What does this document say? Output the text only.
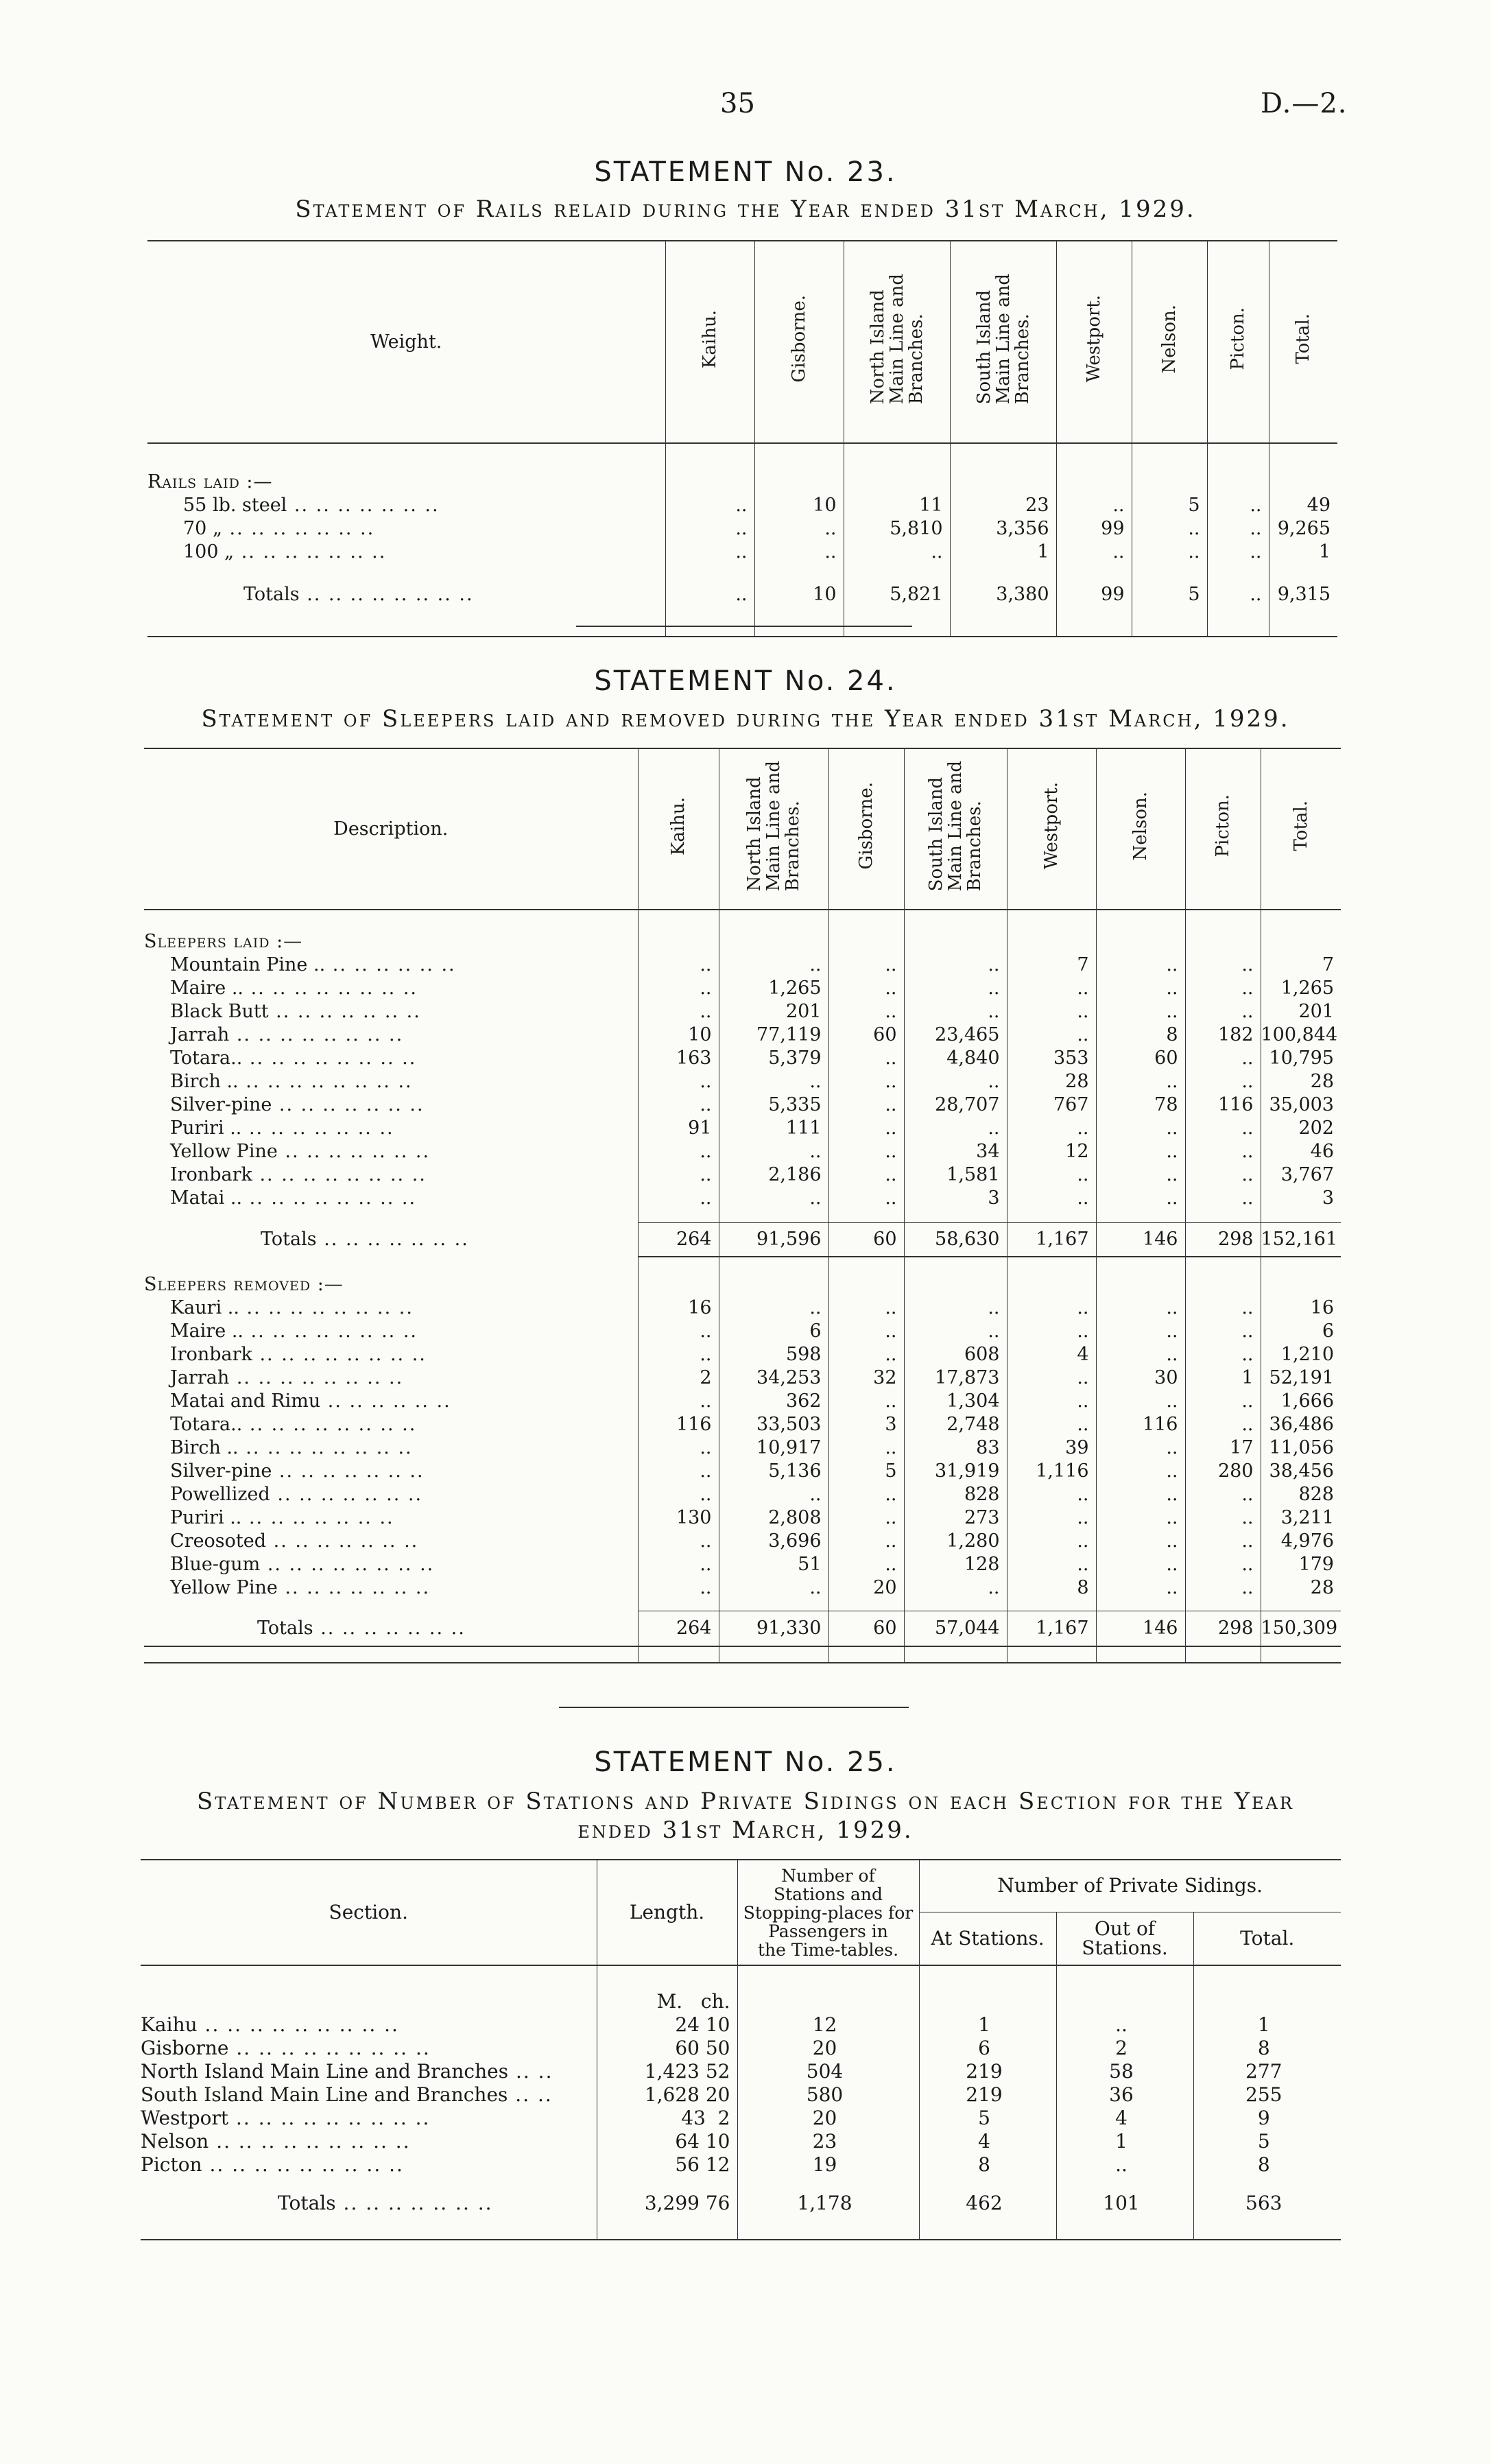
35	D.—2.
STATEMENT No. 23.
Statement of Rails relaid during the Year ended 31st March, 1929.
Weight.	Kaihu.	Gisborne.	North Island
Main Line and
Branches.	South Island
Main Line and
Branches.	Westport.	Nelson.	Picton.	Total.

Rails laid :—								
55 lb. steel .. .. .. .. .. .. ..	..	10	11	23	..	5	..	49
70 „ .. .. .. .. .. .. ..	..	..	5,810	3,356	99	..	..	9,265
100 „ .. .. .. .. .. .. ..	..	..	..	1	..	..	..	1

Totals .. .. .. .. .. .. .. ..	..	10	5,821	3,380	99	5	..	9,315

STATEMENT No. 24.
Statement of Sleepers laid and removed during the Year ended 31st March, 1929.
Description.	Kaihu.	North Island
Main Line and
Branches.	Gisborne.	South Island
Main Line and
Branches.	Westport.	Nelson.	Picton.	Total.

Sleepers laid :—								
Mountain Pine .. .. .. .. .. .. ..	..	..	..	..	7	..	..	7
Maire .. .. .. .. .. .. .. .. ..	..	1,265	..	..	..	..	..	1,265
Black Butt .. .. .. .. .. .. ..	..	201	..	..	..	..	..	201
Jarrah .. .. .. .. .. .. .. ..	10	77,119	60	23,465	..	8	182	100,844
Totara.. .. .. .. .. .. .. .. ..	163	5,379	..	4,840	353	60	..	10,795
Birch .. .. .. .. .. .. .. .. ..	..	..	..	..	28	..	..	28
Silver-pine .. .. .. .. .. .. ..	..	5,335	..	28,707	767	78	116	35,003
Puriri .. .. .. .. .. .. .. ..	91	111	..	..	..	..	..	202
Yellow Pine .. .. .. .. .. .. ..	..	..	..	34	12	..	..	46
Ironbark .. .. .. .. .. .. .. ..	..	2,186	..	1,581	..	..	..	3,767
Matai .. .. .. .. .. .. .. .. ..	..	..	..	3	..	..	..	3

Totals .. .. .. .. .. .. ..	264	91,596	60	58,630	1,167	146	298	152,161

Sleepers removed :—								
Kauri .. .. .. .. .. .. .. .. ..	16	..	..	..	..	..	..	16
Maire .. .. .. .. .. .. .. .. ..	..	6	..	..	..	..	..	6
Ironbark .. .. .. .. .. .. .. ..	..	598	..	608	4	..	..	1,210
Jarrah .. .. .. .. .. .. .. ..	2	34,253	32	17,873	..	30	1	52,191
Matai and Rimu .. .. .. .. .. ..	..	362	..	1,304	..	..	..	1,666
Totara.. .. .. .. .. .. .. .. ..	116	33,503	3	2,748	..	116	..	36,486
Birch .. .. .. .. .. .. .. .. ..	..	10,917	..	83	39	..	17	11,056
Silver-pine .. .. .. .. .. .. ..	..	5,136	5	31,919	1,116	..	280	38,456
Powellized .. .. .. .. .. .. ..	..	..	..	828	..	..	..	828
Puriri .. .. .. .. .. .. .. ..	130	2,808	..	273	..	..	..	3,211
Creosoted .. .. .. .. .. .. ..	..	3,696	..	1,280	..	..	..	4,976
Blue-gum .. .. .. .. .. .. .. ..	..	51	..	128	..	..	..	179
Yellow Pine .. .. .. .. .. .. ..	..	..	20	..	8	..	..	28

Totals .. .. .. .. .. .. ..	264	91,330	60	57,044	1,167	146	298	150,309

STATEMENT No. 25.
Statement of Number of Stations and Private Sidings on each Section for the Year
ended 31st March, 1929.
Section.	Length.	Number of
Stations and
Stopping-places for
Passengers in
the Time-tables.	Number of Private Sidings.		
			At Stations.	Out of
Stations.	Total.
	M.   ch.				
Kaihu .. .. .. .. .. .. .. .. ..	24 10	12	1	..	1
Gisborne .. .. .. .. .. .. .. .. ..	60 50	20	6	2	8
North Island Main Line and Branches .. ..	1,423 52	504	219	58	277
South Island Main Line and Branches .. ..	1,628 20	580	219	36	255
Westport .. .. .. .. .. .. .. .. ..	43  2	20	5	4	9
Nelson .. .. .. .. .. .. .. .. ..	64 10	23	4	1	5
Picton .. .. .. .. .. .. .. .. ..	56 12	19	8	..	8

Totals .. .. .. .. .. .. ..	3,299 76	1,178	462	101	563
